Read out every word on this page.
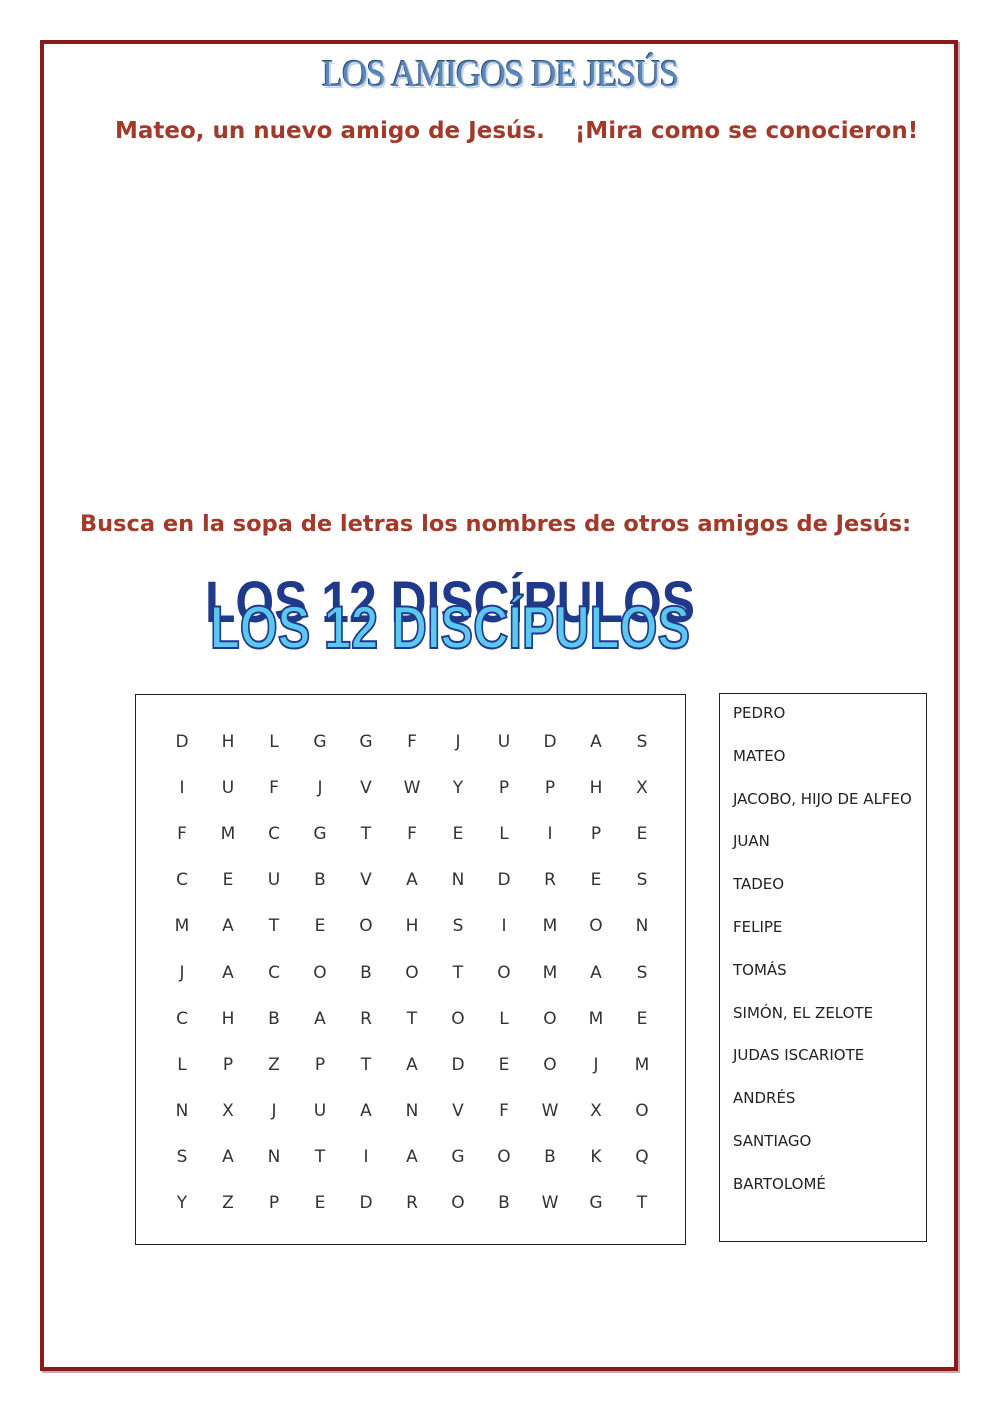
LOS AMIGOS DE JESÚS
Mateo, un nuevo amigo de Jesús. ¡Mira como se conocieron!
Busca en la sopa de letras los nombres de otros amigos de Jesús:
LOS 12 DISCÍPULOS
LOS 12 DISCÍPULOS
D	H	L	G	G	F	J	U	D	A	S
I	U	F	J	V	W	Y	P	P	H	X
F	M	C	G	T	F	E	L	I	P	E
C	E	U	B	V	A	N	D	R	E	S
M	A	T	E	O	H	S	I	M	O	N
J	A	C	O	B	O	T	O	M	A	S
C	H	B	A	R	T	O	L	O	M	E
L	P	Z	P	T	A	D	E	O	J	M
N	X	J	U	A	N	V	F	W	X	O
S	A	N	T	I	A	G	O	B	K	Q
Y	Z	P	E	D	R	O	B	W	G	T
PEDRO
MATEO
JACOBO, HIJO DE ALFEO
JUAN
TADEO
FELIPE
TOMÁS
SIMÓN, EL ZELOTE
JUDAS ISCARIOTE
ANDRÉS
SANTIAGO
BARTOLOMÉ
